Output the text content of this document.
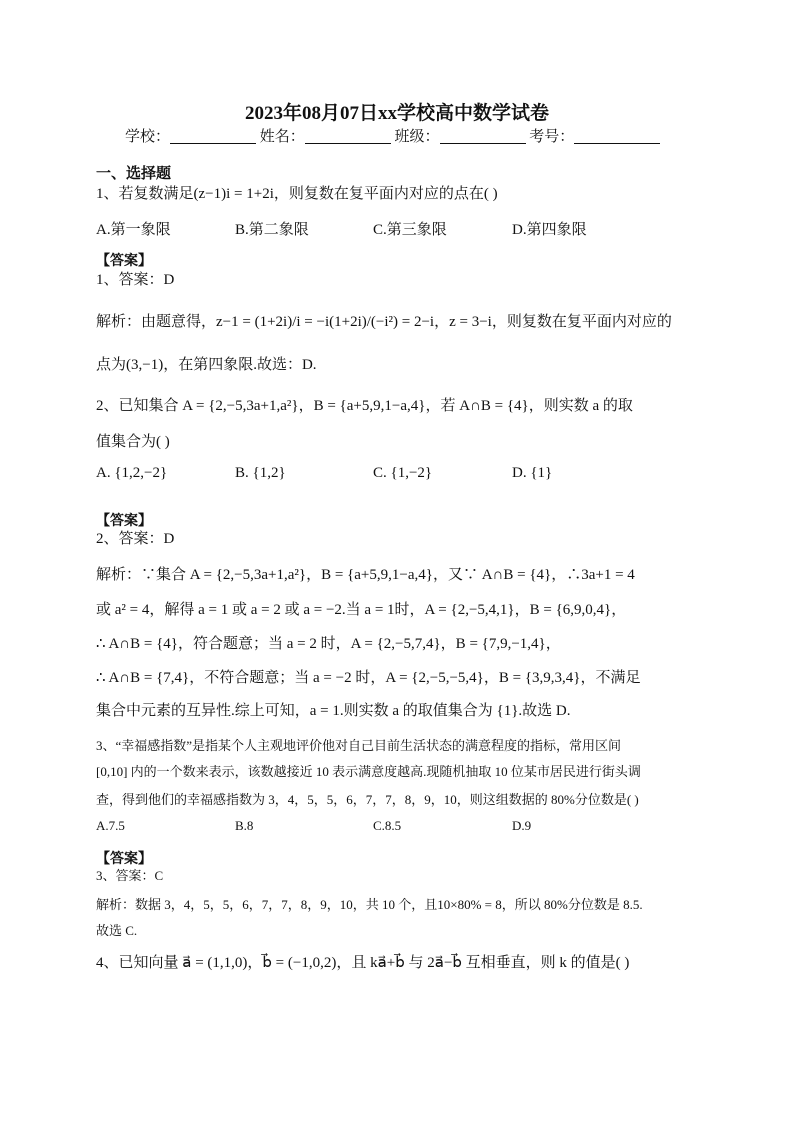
2023年08月07日xx学校高中数学试卷
学校：	姓名：	班级：	考号：
一、选择题
1、若复数满足(z−1)i = 1+2i，则复数在复平面内对应的点在( )
A.第一象限	B.第二象限	C.第三象限	D.第四象限
【答案】
1、答案：D
解析：由题意得，z−1 = (1+2i)/i = −i(1+2i)/(−i²) = 2−i，z = 3−i，则复数在复平面内对应的
点为(3,−1)，在第四象限.故选：D.
2、已知集合 A = {2,−5,3a+1,a²}，B = {a+5,9,1−a,4}，若 A∩B = {4}，则实数 a 的取
值集合为( )
A. {1,2,−2}	B. {1,2}	C. {1,−2}	D. {1}
【答案】
2、答案：D
解析：∵集合 A = {2,−5,3a+1,a²}，B = {a+5,9,1−a,4}，又∵ A∩B = {4}，∴3a+1 = 4
或 a² = 4，解得 a = 1 或 a = 2 或 a = −2.当 a = 1时，A = {2,−5,4,1}，B = {6,9,0,4}，
∴ A∩B = {4}，符合题意；当 a = 2 时，A = {2,−5,7,4}，B = {7,9,−1,4}，
∴ A∩B = {7,4}，不符合题意；当 a = −2 时，A = {2,−5,−5,4}，B = {3,9,3,4}，不满足
集合中元素的互异性.综上可知，a = 1.则实数 a 的取值集合为 {1}.故选 D.
3、“幸福感指数”是指某个人主观地评价他对自己目前生活状态的满意程度的指标，常用区间
[0,10] 内的一个数来表示，该数越接近 10 表示满意度越高.现随机抽取 10 位某市居民进行街头调
查，得到他们的幸福感指数为 3，4，5，5，6，7，7，8，9，10，则这组数据的 80%分位数是( )
A.7.5	B.8	C.8.5	D.9
【答案】
3、答案：C
解析：数据 3，4，5，5，6，7，7，8，9，10，共 10 个，且10×80% = 8，所以 80%分位数是 8.5.
故选 C.
4、已知向量 a⃗ = (1,1,0)，b⃗ = (−1,0,2)，且 ka⃗+b⃗ 与 2a⃗−b⃗ 互相垂直，则 k 的值是( )
